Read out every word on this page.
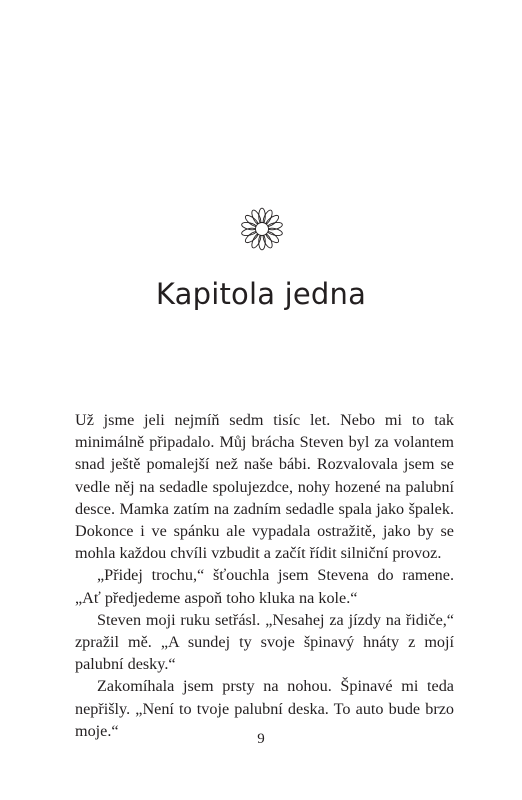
Kapitola jedna

Už jsme jeli nejmíň sedm tisíc let. Nebo mi to tak minimálně připadalo. Můj brácha Steven byl za volantem snad ještě pomalejší než naše bábi. Rozvalovala jsem se vedle něj na sedadle spolujezdce, nohy hozené na palubní desce. Mamka zatím na zadním sedadle spala jako špalek. Dokonce i ve spánku ale vypadala ostražitě, jako by se mohla každou chvíli vzbudit a začít řídit silniční provoz.

„Přidej trochu,“ šťouchla jsem Stevena do ramene. „Ať předjedeme aspoň toho kluka na kole.“

Steven moji ruku setřásl. „Nesahej za jízdy na řidiče,“ zpražil mě. „A sundej ty svoje špinavý hnáty z mojí palubní desky.“

Zakomíhala jsem prsty na nohou. Špinavé mi teda nepřišly. „Není to tvoje palubní deska. To auto bude brzo moje.“	9
